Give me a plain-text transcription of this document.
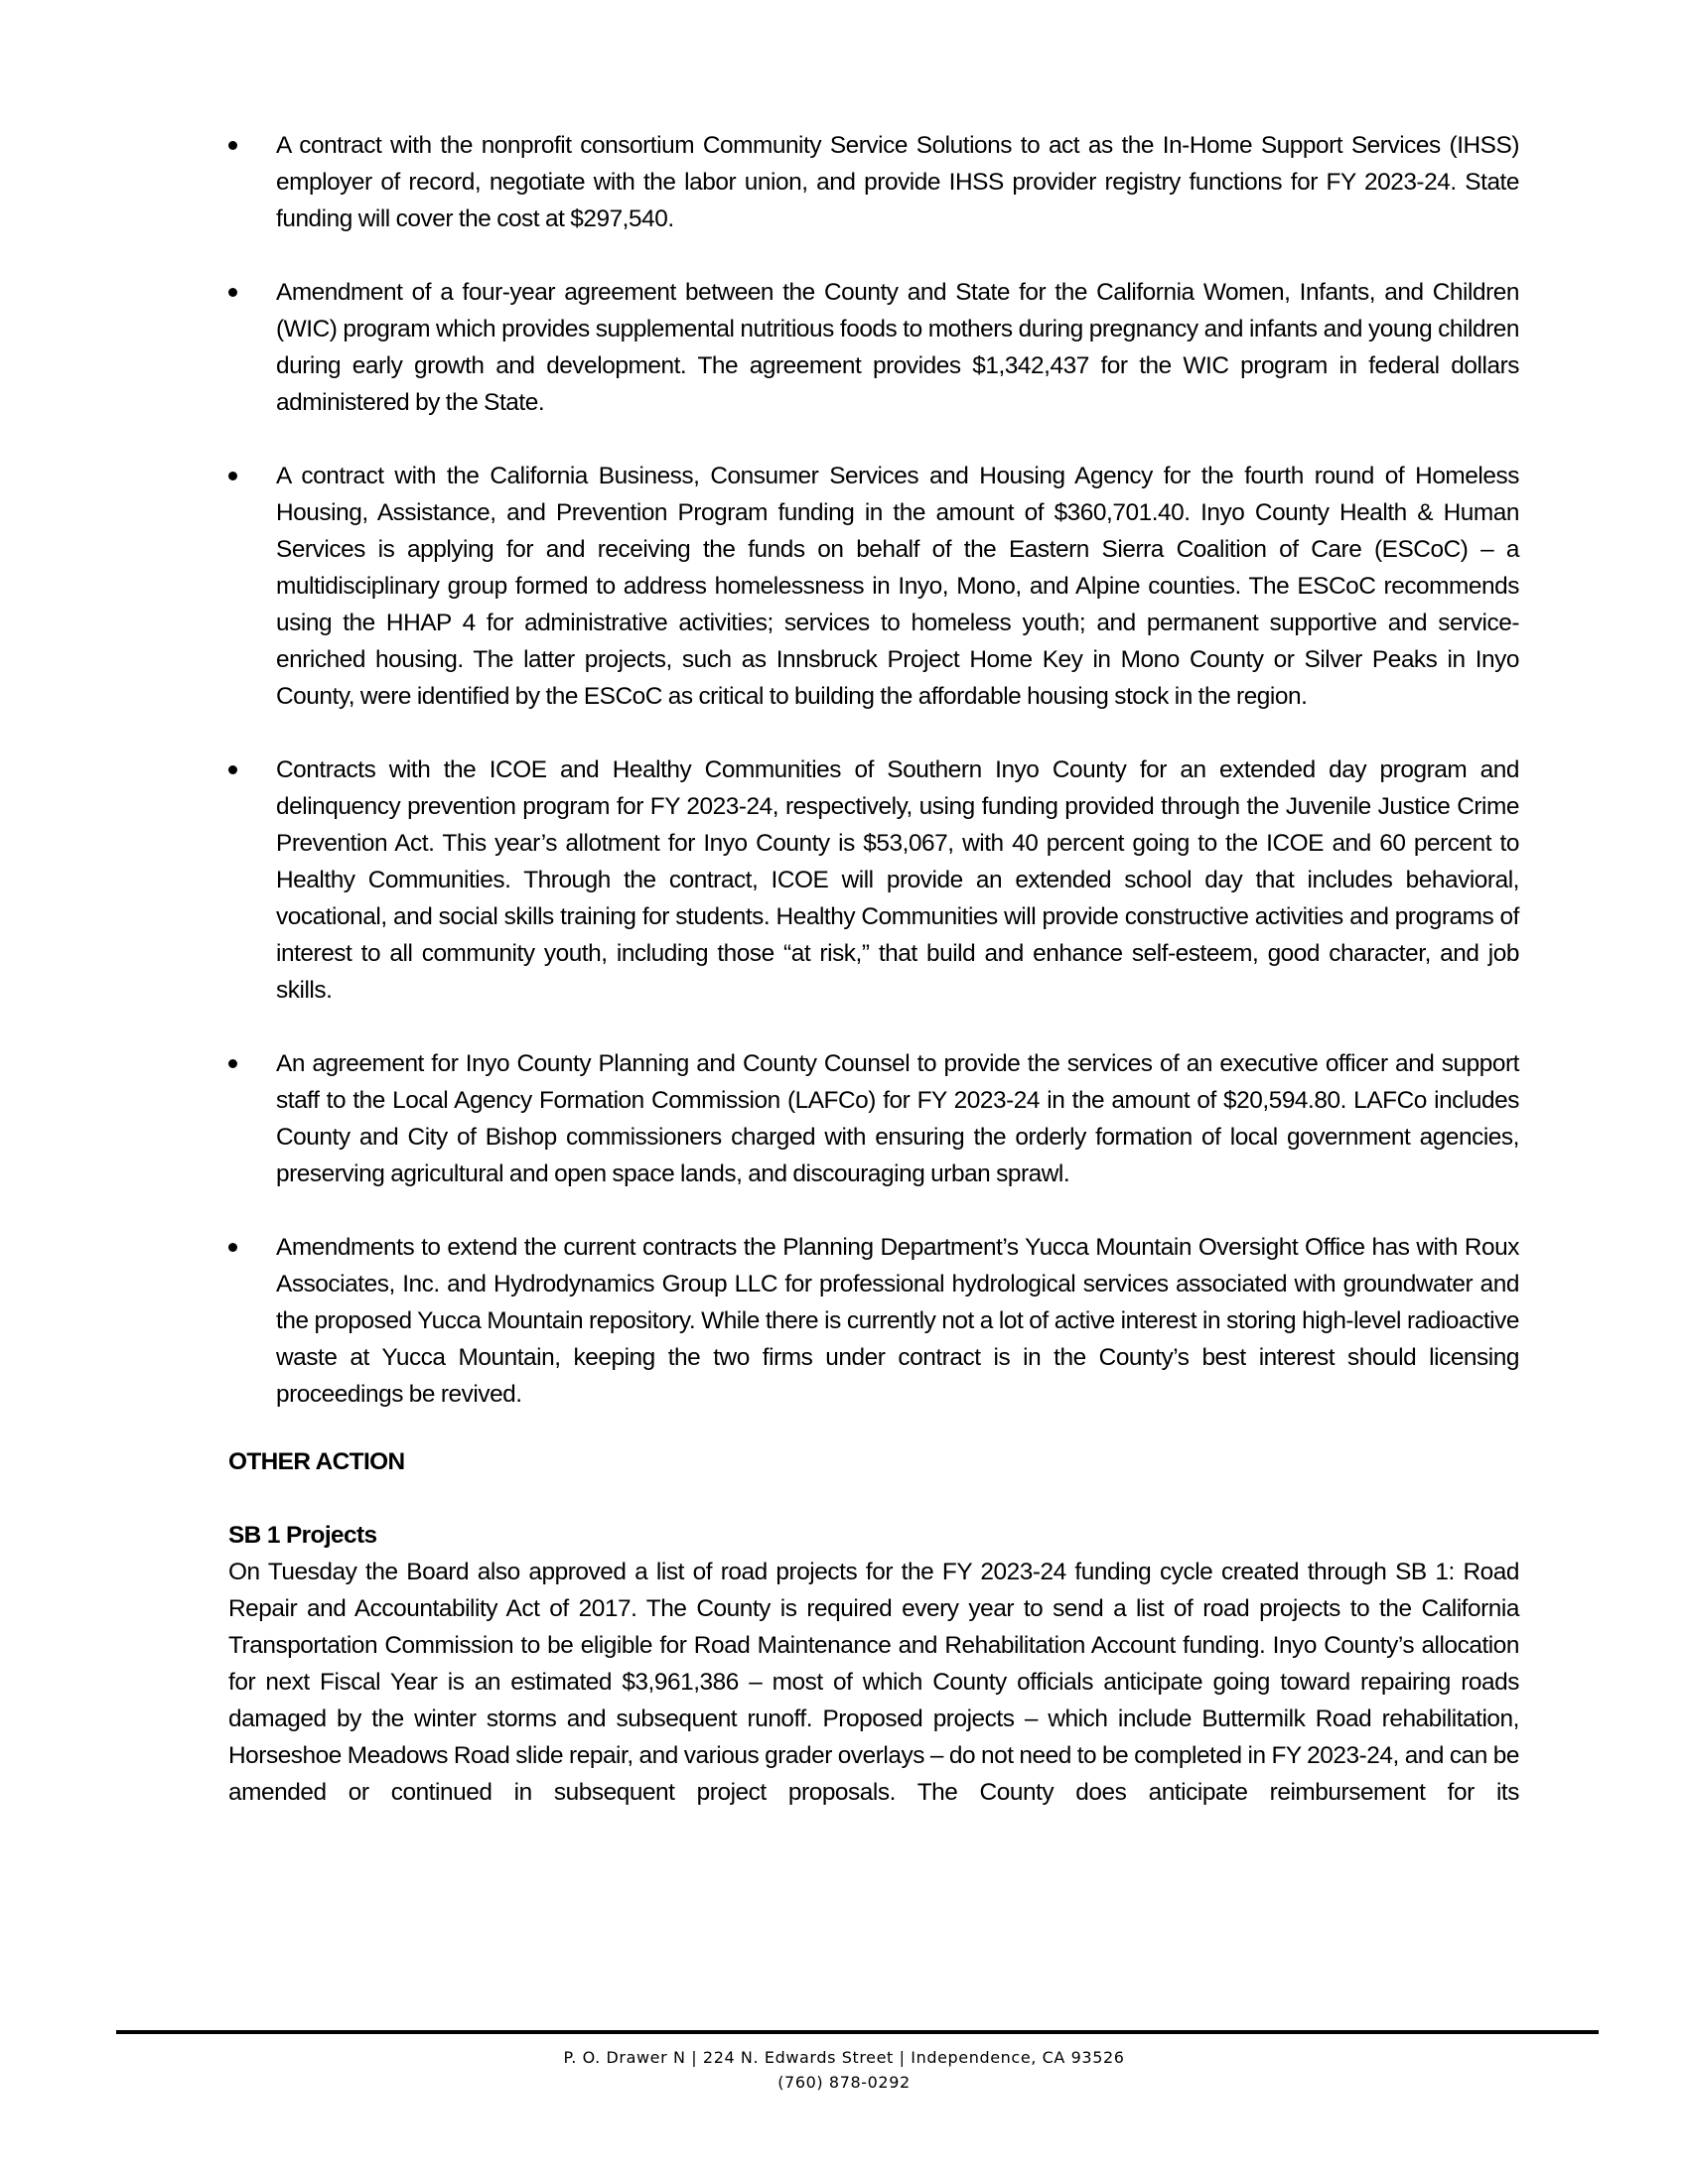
A contract with the nonprofit consortium Community Service Solutions to act as the In-Home Support Services (IHSS) employer of record, negotiate with the labor union, and provide IHSS provider registry functions for FY 2023-24. State funding will cover the cost at $297,540.
Amendment of a four-year agreement between the County and State for the California Women, Infants, and Children (WIC) program which provides supplemental nutritious foods to mothers during pregnancy and infants and young children during early growth and development. The agreement provides $1,342,437 for the WIC program in federal dollars administered by the State.
A contract with the California Business, Consumer Services and Housing Agency for the fourth round of Homeless Housing, Assistance, and Prevention Program funding in the amount of $360,701.40. Inyo County Health & Human Services is applying for and receiving the funds on behalf of the Eastern Sierra Coalition of Care (ESCoC) – a multidisciplinary group formed to address homelessness in Inyo, Mono, and Alpine counties. The ESCoC recommends using the HHAP 4 for administrative activities; services to homeless youth; and permanent supportive and service-enriched housing. The latter projects, such as Innsbruck Project Home Key in Mono County or Silver Peaks in Inyo County, were identified by the ESCoC as critical to building the affordable housing stock in the region.
Contracts with the ICOE and Healthy Communities of Southern Inyo County for an extended day program and delinquency prevention program for FY 2023-24, respectively, using funding provided through the Juvenile Justice Crime Prevention Act. This year’s allotment for Inyo County is $53,067, with 40 percent going to the ICOE and 60 percent to Healthy Communities. Through the contract, ICOE will provide an extended school day that includes behavioral, vocational, and social skills training for students. Healthy Communities will provide constructive activities and programs of interest to all community youth, including those “at risk,” that build and enhance self-esteem, good character, and job skills.
An agreement for Inyo County Planning and County Counsel to provide the services of an executive officer and support staff to the Local Agency Formation Commission (LAFCo) for FY 2023-24 in the amount of $20,594.80. LAFCo includes County and City of Bishop commissioners charged with ensuring the orderly formation of local government agencies, preserving agricultural and open space lands, and discouraging urban sprawl.
Amendments to extend the current contracts the Planning Department’s Yucca Mountain Oversight Office has with Roux Associates, Inc. and Hydrodynamics Group LLC for professional hydrological services associated with groundwater and the proposed Yucca Mountain repository. While there is currently not a lot of active interest in storing high-level radioactive waste at Yucca Mountain, keeping the two firms under contract is in the County’s best interest should licensing proceedings be revived.
OTHER ACTION
SB 1 Projects

On Tuesday the Board also approved a list of road projects for the FY 2023-24 funding cycle created through SB 1: Road Repair and Accountability Act of 2017. The County is required every year to send a list of road projects to the California Transportation Commission to be eligible for Road Maintenance and Rehabilitation Account funding. Inyo County’s allocation for next Fiscal Year is an estimated $3,961,386 – most of which County officials anticipate going toward repairing roads damaged by the winter storms and subsequent runoff. Proposed projects – which include Buttermilk Road rehabilitation, Horseshoe Meadows Road slide repair, and various grader overlays – do not need to be completed in FY 2023-24, and can be amended or continued in subsequent project proposals. The County does anticipate reimbursement for its

P. O. Drawer N | 224 N. Edwards Street | Independence, CA 93526
(760) 878-0292
